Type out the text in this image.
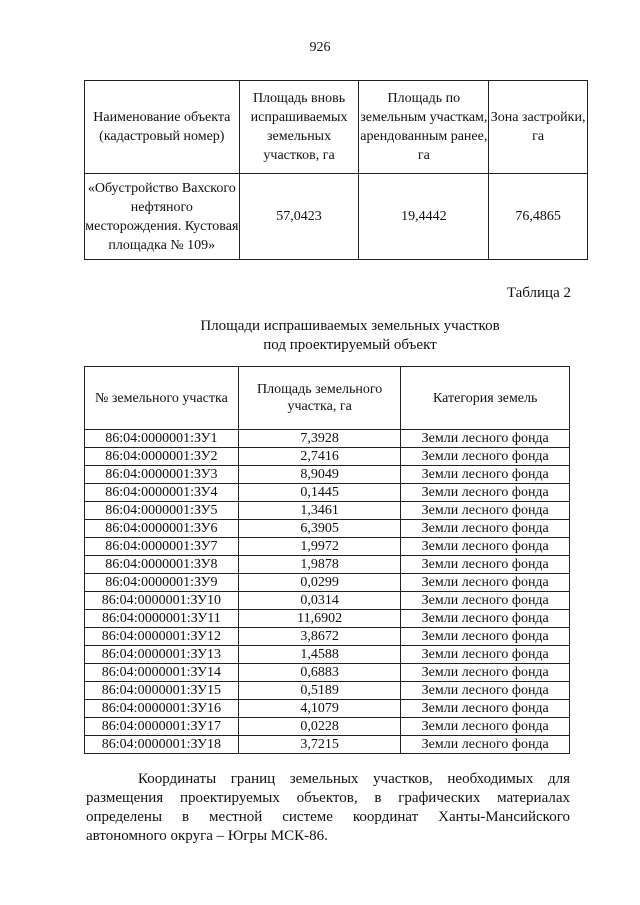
926
Наименование объекта (кадастровый номер)	Площадь вновь испрашиваемых земельных участков, га	Площадь по земельным участкам, арендованным ранее, га	Зона застройки, га
«Обустройство Вахского нефтяного месторождения. Кустовая площадка № 109»	57,0423	19,4442	76,4865
Таблица 2
Площади испрашиваемых земельных участков
под проектируемый объект
№ земельного участка	Площадь земельного участка, га	Категория земель
86:04:0000001:ЗУ1	7,3928	Земли лесного фонда
86:04:0000001:ЗУ2	2,7416	Земли лесного фонда
86:04:0000001:ЗУ3	8,9049	Земли лесного фонда
86:04:0000001:ЗУ4	0,1445	Земли лесного фонда
86:04:0000001:ЗУ5	1,3461	Земли лесного фонда
86:04:0000001:ЗУ6	6,3905	Земли лесного фонда
86:04:0000001:ЗУ7	1,9972	Земли лесного фонда
86:04:0000001:ЗУ8	1,9878	Земли лесного фонда
86:04:0000001:ЗУ9	0,0299	Земли лесного фонда
86:04:0000001:ЗУ10	0,0314	Земли лесного фонда
86:04:0000001:ЗУ11	11,6902	Земли лесного фонда
86:04:0000001:ЗУ12	3,8672	Земли лесного фонда
86:04:0000001:ЗУ13	1,4588	Земли лесного фонда
86:04:0000001:ЗУ14	0,6883	Земли лесного фонда
86:04:0000001:ЗУ15	0,5189	Земли лесного фонда
86:04:0000001:ЗУ16	4,1079	Земли лесного фонда
86:04:0000001:ЗУ17	0,0228	Земли лесного фонда
86:04:0000001:ЗУ18	3,7215	Земли лесного фонда

Координаты границ земельных участков, необходимых для размещения проектируемых объектов, в графических материалах определены в местной системе координат Ханты-Мансийского автономного округа – Югры МСК-86.
